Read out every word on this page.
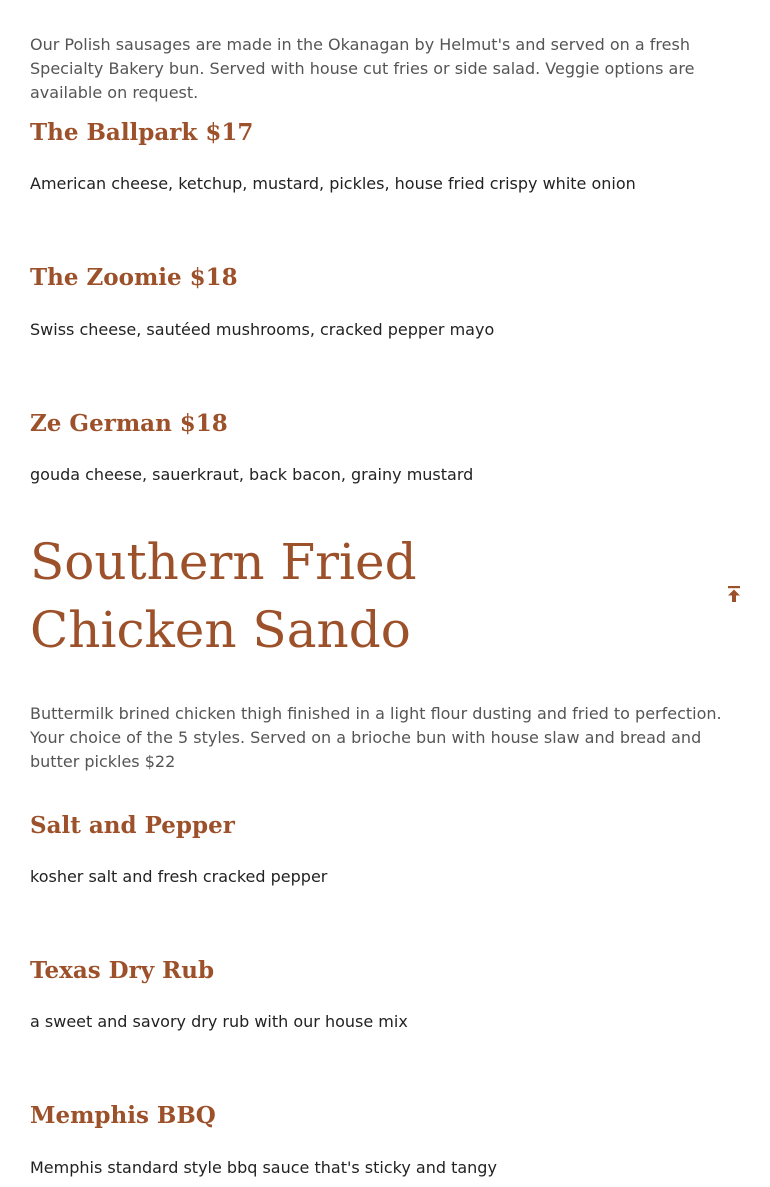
Our Polish sausages are made in the Okanagan by Helmut's and served on a fresh Specialty Bakery bun. Served with house cut fries or side salad. Veggie options are available on request.

The Ballpark $17

American cheese, ketchup, mustard, pickles, house fried crispy white onion

The Zoomie $18

Swiss cheese, sautéed mushrooms, cracked pepper mayo

Ze German $18

gouda cheese, sauerkraut, back bacon, grainy mustard

Southern Fried Chicken Sando

Buttermilk brined chicken thigh finished in a light flour dusting and fried to perfection. Your choice of the 5 styles. Served on a brioche bun with house slaw and bread and butter pickles $22

Salt and Pepper

kosher salt and fresh cracked pepper

Texas Dry Rub

a sweet and savory dry rub with our house mix

Memphis BBQ

Memphis standard style bbq sauce that's sticky and tangy
